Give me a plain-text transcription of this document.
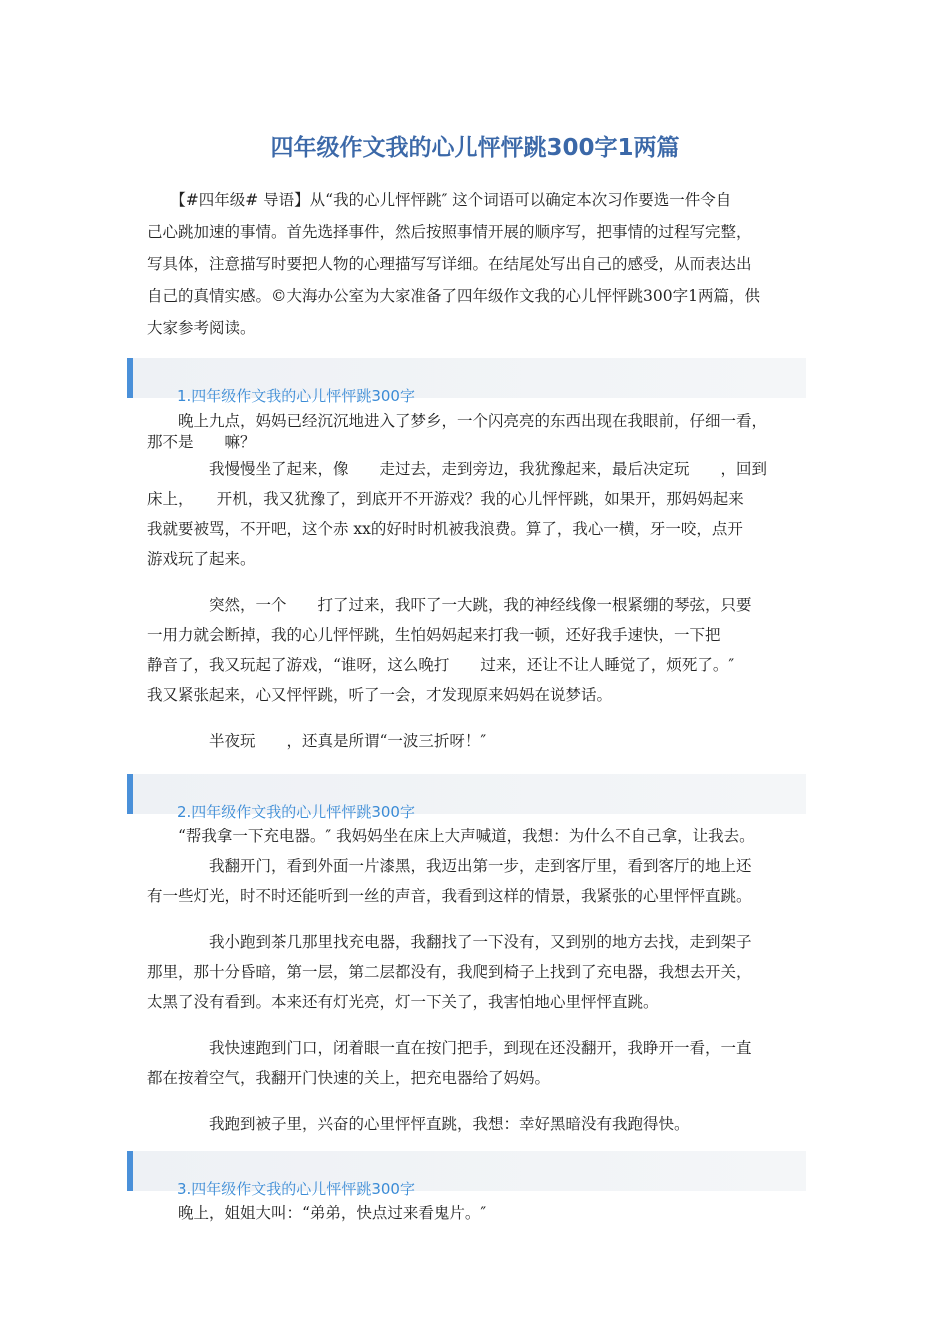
四年级作文我的心儿怦怦跳300字1两篇

　　【#四年级# 导语】从“我的心儿怦怦跳″ 这个词语可以确定本次习作要选一件令自

己心跳加速的事情。首先选择事件，然后按照事情开展的顺序写，把事情的过程写完整，

写具体，注意描写时要把人物的心理描写写详细。在结尾处写出自己的感受，从而表达出

自己的真情实感。©大海办公室为大家准备了四年级作文我的心儿怦怦跳300字1两篇，供

大家参考阅读。

1.四年级作文我的心儿怦怦跳300字

　　晚上九点，妈妈已经沉沉地进入了梦乡，一个闪亮亮的东西出现在我眼前，仔细一看，

那不是　　嘛？

　　　　我慢慢坐了起来，像　　走过去，走到旁边，我犹豫起来，最后决定玩　　，回到

床上，　　开机，我又犹豫了，到底开不开游戏？我的心儿怦怦跳，如果开，那妈妈起来

我就要被骂，不开吧，这个赤 xx的好时时机被我浪费。算了，我心一横，牙一咬，点开

游戏玩了起来。

　　　　突然，一个　　打了过来，我吓了一大跳，我的神经线像一根紧绷的琴弦，只要

一用力就会断掉，我的心儿怦怦跳，生怕妈妈起来打我一顿，还好我手速快，一下把

静音了，我又玩起了游戏，“谁呀，这么晚打　　过来，还让不让人睡觉了，烦死了。″

我又紧张起来，心又怦怦跳，听了一会，才发现原来妈妈在说梦话。

　　　　半夜玩　　，还真是所谓“一波三折呀！″

2.四年级作文我的心儿怦怦跳300字

　　“帮我拿一下充电器。″ 我妈妈坐在床上大声喊道，我想：为什么不自己拿，让我去。

　　　　我翻开门，看到外面一片漆黑，我迈出第一步，走到客厅里，看到客厅的地上还

有一些灯光，时不时还能听到一丝的声音，我看到这样的情景，我紧张的心里怦怦直跳。

　　　　我小跑到茶几那里找充电器，我翻找了一下没有，又到别的地方去找，走到架子

那里，那十分昏暗，第一层，第二层都没有，我爬到椅子上找到了充电器，我想去开关，

太黑了没有看到。本来还有灯光亮，灯一下关了，我害怕地心里怦怦直跳。

　　　　我快速跑到门口，闭着眼一直在按门把手，到现在还没翻开，我睁开一看，一直

都在按着空气，我翻开门快速的关上，把充电器给了妈妈。

　　　　我跑到被子里，兴奋的心里怦怦直跳，我想：幸好黑暗没有我跑得快。

3.四年级作文我的心儿怦怦跳300字

　　晚上，姐姐大叫：“弟弟，快点过来看鬼片。″
